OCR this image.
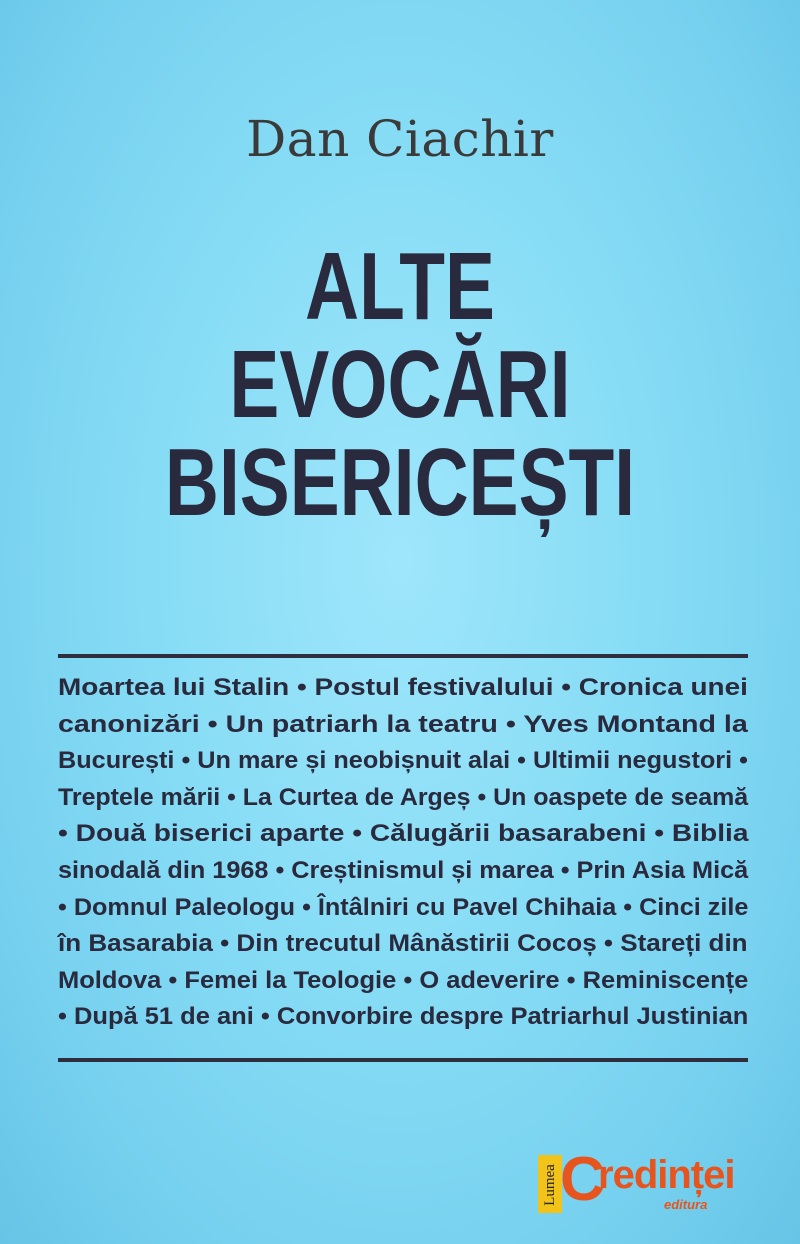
Dan Ciachir
ALTE
EVOCĂRI
BISERICEȘTI
Moartea lui Stalin • Postul festivalului • Cronica unei
canonizări • Un patriarh la teatru • Yves Montand la
București • Un mare și neobișnuit alai • Ultimii negustori •
Treptele mării • La Curtea de Argeș • Un oaspete de seamă
• Două biserici aparte • Călugării basarabeni • Biblia
sinodală din 1968 • Creștinismul și marea • Prin Asia Mică
• Domnul Paleologu • Întâlniri cu Pavel Chihaia • Cinci zile
în Basarabia • Din trecutul Mânăstirii Cocoș • Stareți din
Moldova • Femei la Teologie • O adeverire • Reminiscențe
• După 51 de ani • Convorbire despre Patriarhul Justinian
Lumea C
redinței
editura
